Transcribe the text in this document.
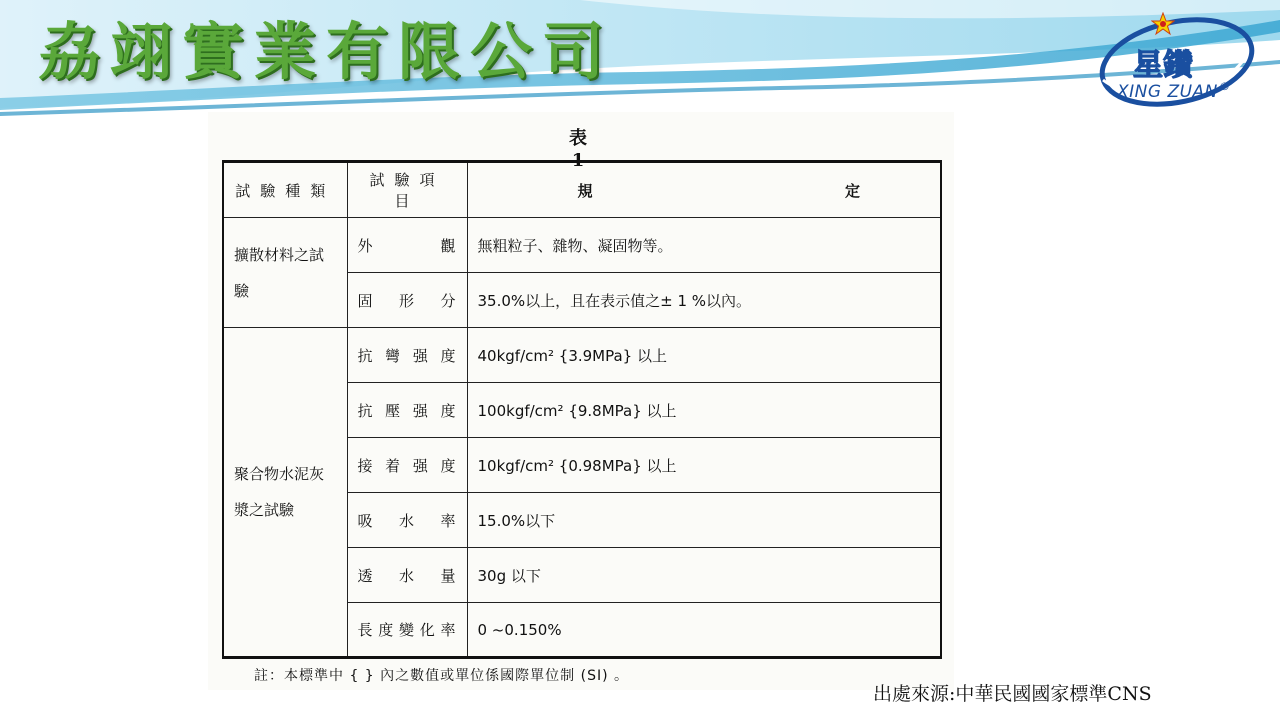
劦翊實業有限公司	星鑽
XING ZUAN ®
表 1
試驗種類	試驗項目	規 定

擴散材料之試驗	外 觀	無粗粒子、雜物、凝固物等。

	固 形 分	35.0%以上，且在表示值之± 1 %以內。
聚合物水泥灰漿之試驗	抗 彎 强 度	40kgf/cm² {3.9MPa} 以上

	抗 壓 强 度	100kgf/cm² {9.8MPa} 以上

	接 着 强 度	10kgf/cm² {0.98MPa} 以上

	吸 水 率	15.0%以下

	透 水 量	30g 以下

	長 度 變 化 率	0 ~0.150%
註：本標準中 { } 內之數值或單位係國際單位制 (SI) 。
出處來源:中華民國國家標準CNS
